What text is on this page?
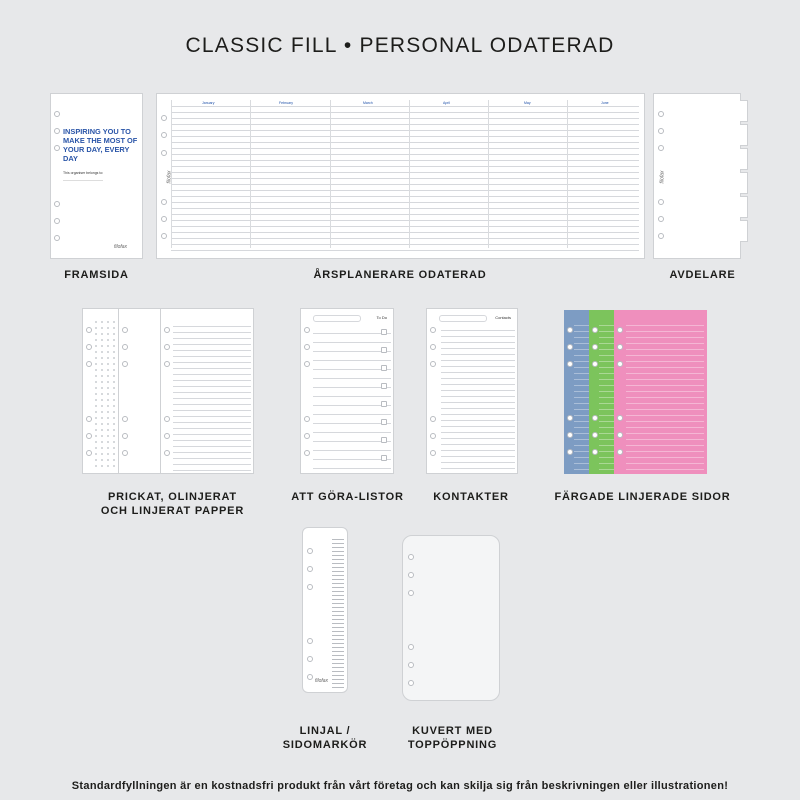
CLASSIC FILL • PERSONAL ODATERAD
INSPIRING YOU TO MAKE THE MOST OF YOUR DAY, EVERY DAY
This organiser belongs to:
filofax
FRAMSIDA
January	February	March	April	May	June
filofax
ÅRSPLANERARE ODATERAD
filofax
AVDELARE
PRICKAT, OLINJERAT
OCH LINJERAT PAPPER
To Do
ATT GÖRA-LISTOR
Contacts
KONTAKTER	FÄRGADE LINJERADE SIDOR
filofax
LINJAL /
SIDOMARKÖR
KUVERT MED
TOPPÖPPNING
Standardfyllningen är en kostnadsfri produkt från vårt företag och kan skilja sig från beskrivningen eller illustrationen!
